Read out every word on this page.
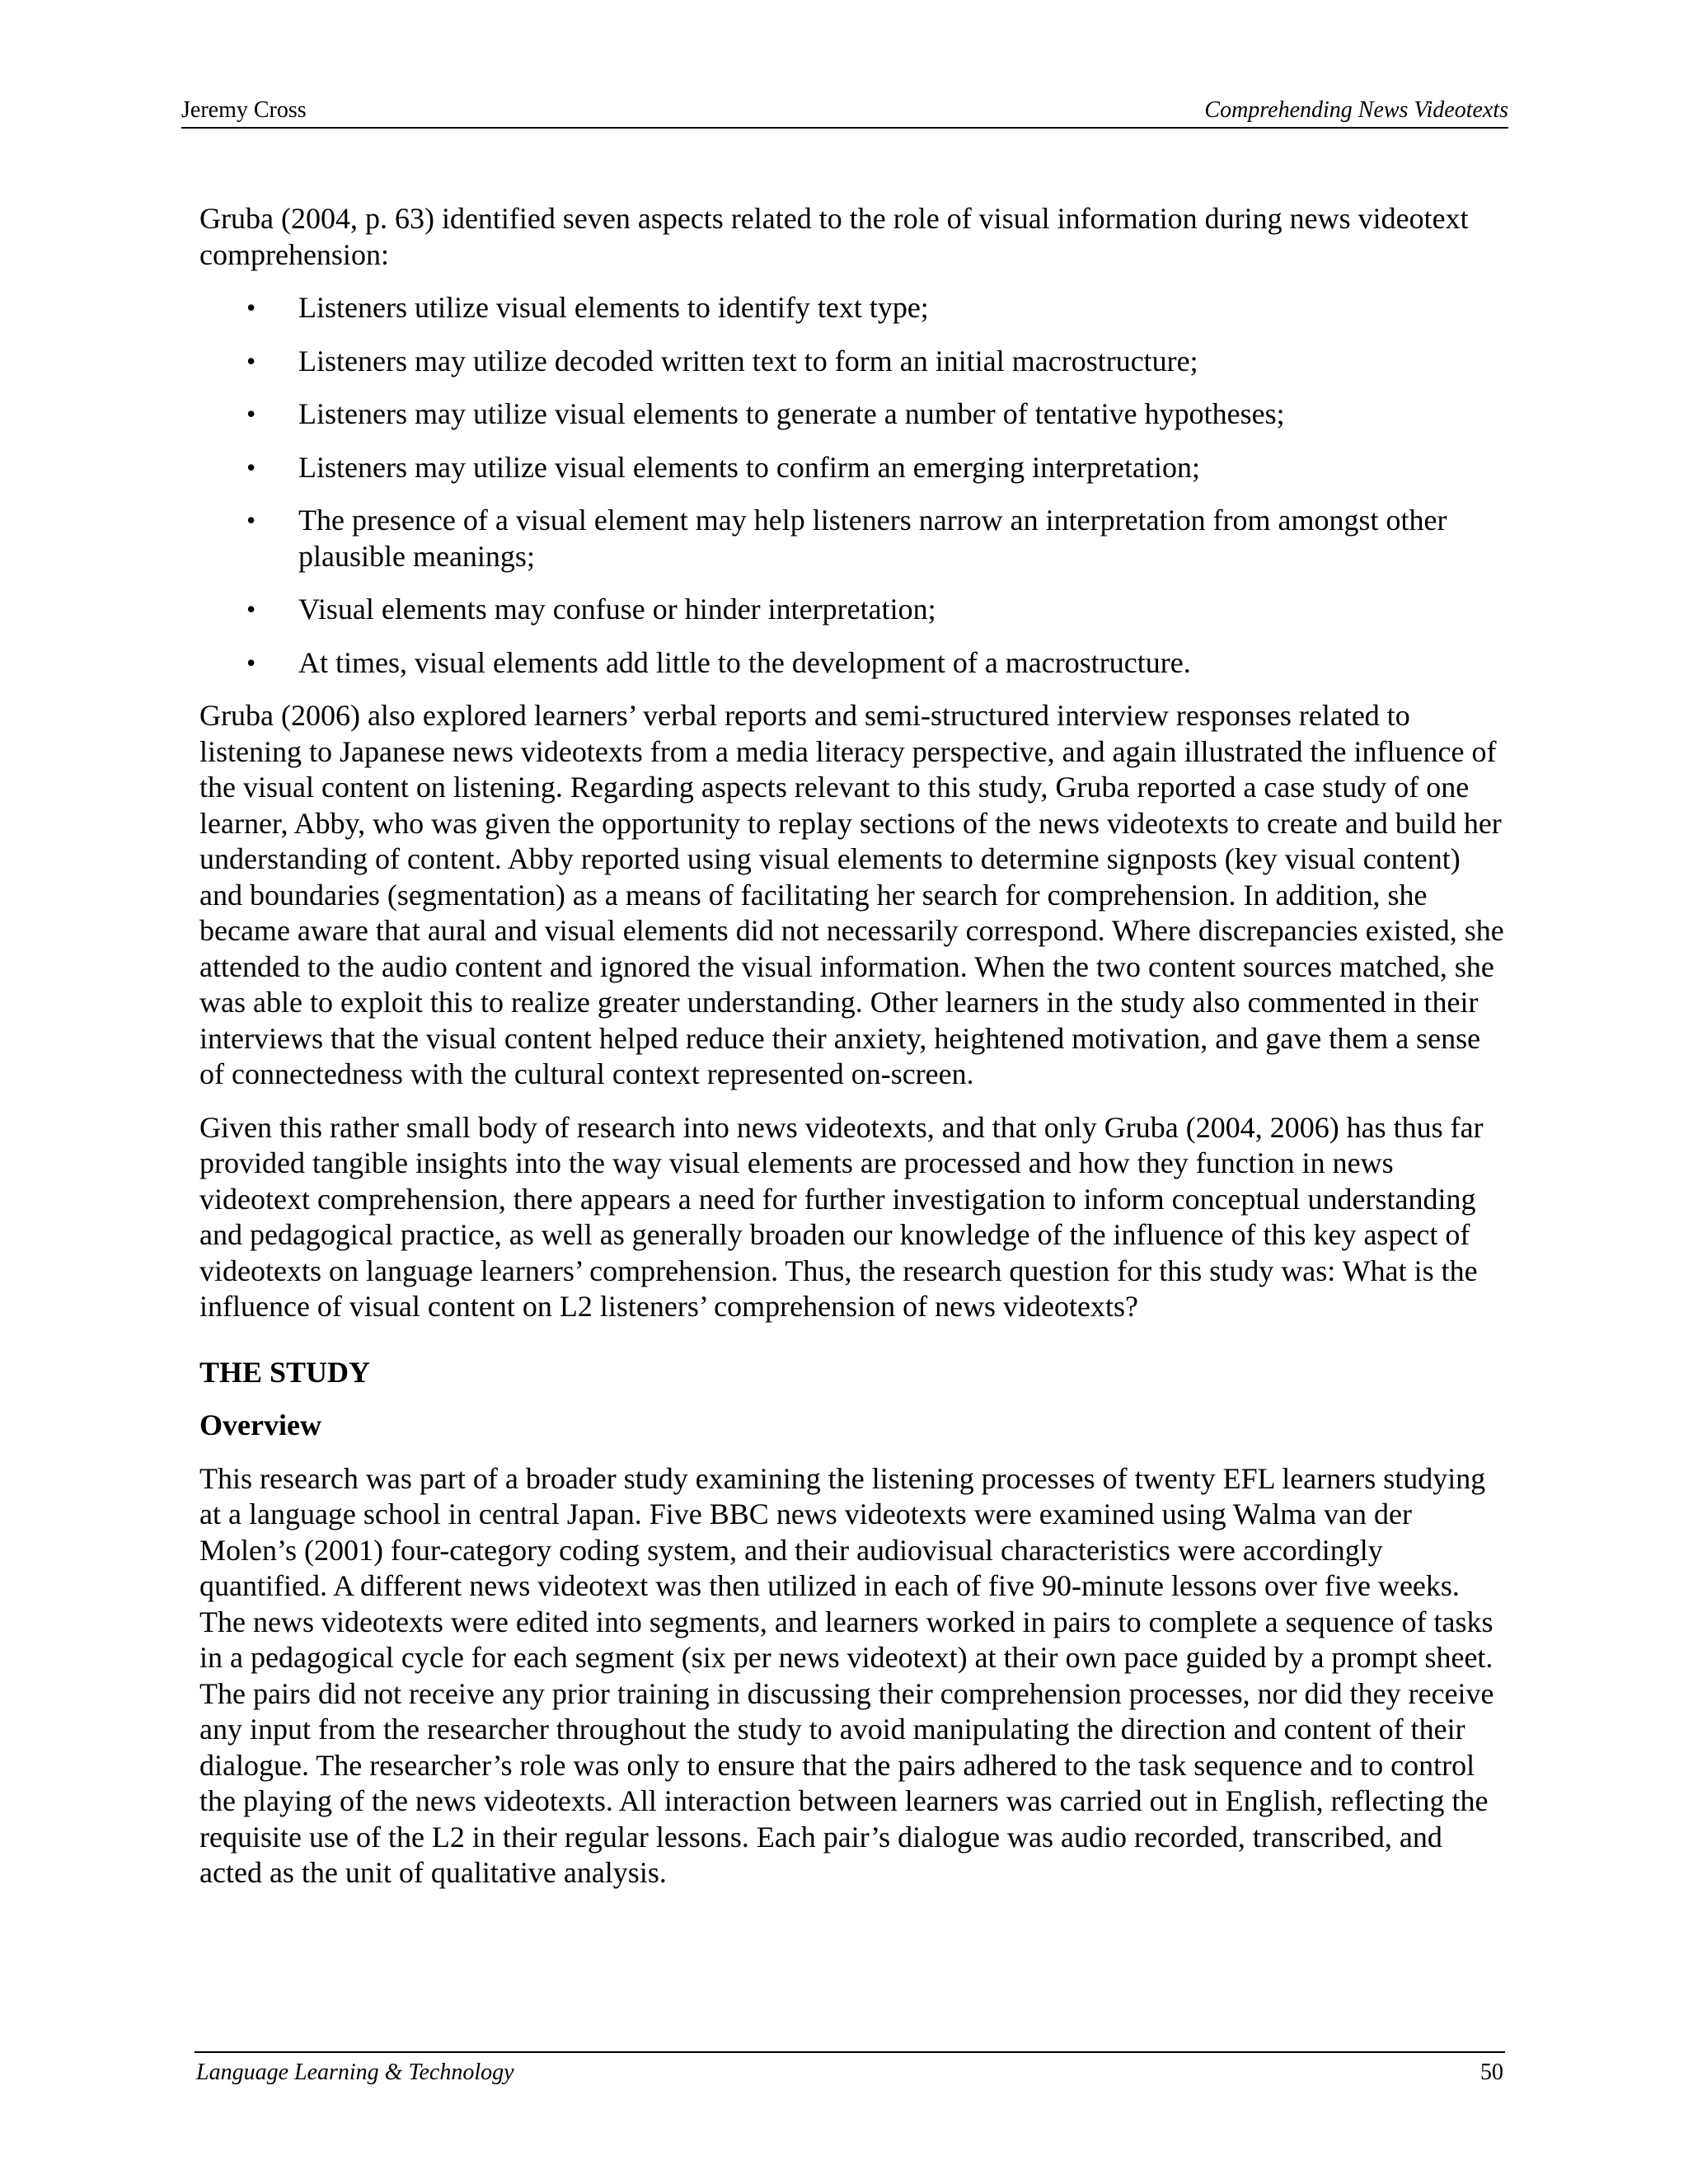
Jeremy Cross	Comprehending News Videotexts

Gruba (2004, p. 63) identified seven aspects related to the role of visual information during news videotext comprehension:

• Listeners utilize visual elements to identify text type;
• Listeners may utilize decoded written text to form an initial macrostructure;
• Listeners may utilize visual elements to generate a number of tentative hypotheses;
• Listeners may utilize visual elements to confirm an emerging interpretation;
• The presence of a visual element may help listeners narrow an interpretation from amongst other plausible meanings;
• Visual elements may confuse or hinder interpretation;
• At times, visual elements add little to the development of a macrostructure.

Gruba (2006) also explored learners’ verbal reports and semi-structured interview responses related to listening to Japanese news videotexts from a media literacy perspective, and again illustrated the influence of the visual content on listening. Regarding aspects relevant to this study, Gruba reported a case study of one learner, Abby, who was given the opportunity to replay sections of the news videotexts to create and build her understanding of content. Abby reported using visual elements to determine signposts (key visual content) and boundaries (segmentation) as a means of facilitating her search for comprehension. In addition, she became aware that aural and visual elements did not necessarily correspond. Where discrepancies existed, she attended to the audio content and ignored the visual information. When the two content sources matched, she was able to exploit this to realize greater understanding. Other learners in the study also commented in their interviews that the visual content helped reduce their anxiety, heightened motivation, and gave them a sense of connectedness with the cultural context represented on-screen.

Given this rather small body of research into news videotexts, and that only Gruba (2004, 2006) has thus far provided tangible insights into the way visual elements are processed and how they function in news videotext comprehension, there appears a need for further investigation to inform conceptual understanding and pedagogical practice, as well as generally broaden our knowledge of the influence of this key aspect of videotexts on language learners’ comprehension. Thus, the research question for this study was: What is the influence of visual content on L2 listeners’ comprehension of news videotexts?

THE STUDY
Overview

This research was part of a broader study examining the listening processes of twenty EFL learners studying at a language school in central Japan. Five BBC news videotexts were examined using Walma van der Molen’s (2001) four-category coding system, and their audiovisual characteristics were accordingly quantified. A different news videotext was then utilized in each of five 90-minute lessons over five weeks. The news videotexts were edited into segments, and learners worked in pairs to complete a sequence of tasks in a pedagogical cycle for each segment (six per news videotext) at their own pace guided by a prompt sheet. The pairs did not receive any prior training in discussing their comprehension processes, nor did they receive any input from the researcher throughout the study to avoid manipulating the direction and content of their dialogue. The researcher’s role was only to ensure that the pairs adhered to the task sequence and to control the playing of the news videotexts. All interaction between learners was carried out in English, reflecting the requisite use of the L2 in their regular lessons. Each pair’s dialogue was audio recorded, transcribed, and acted as the unit of qualitative analysis.

Language Learning & Technology	50
